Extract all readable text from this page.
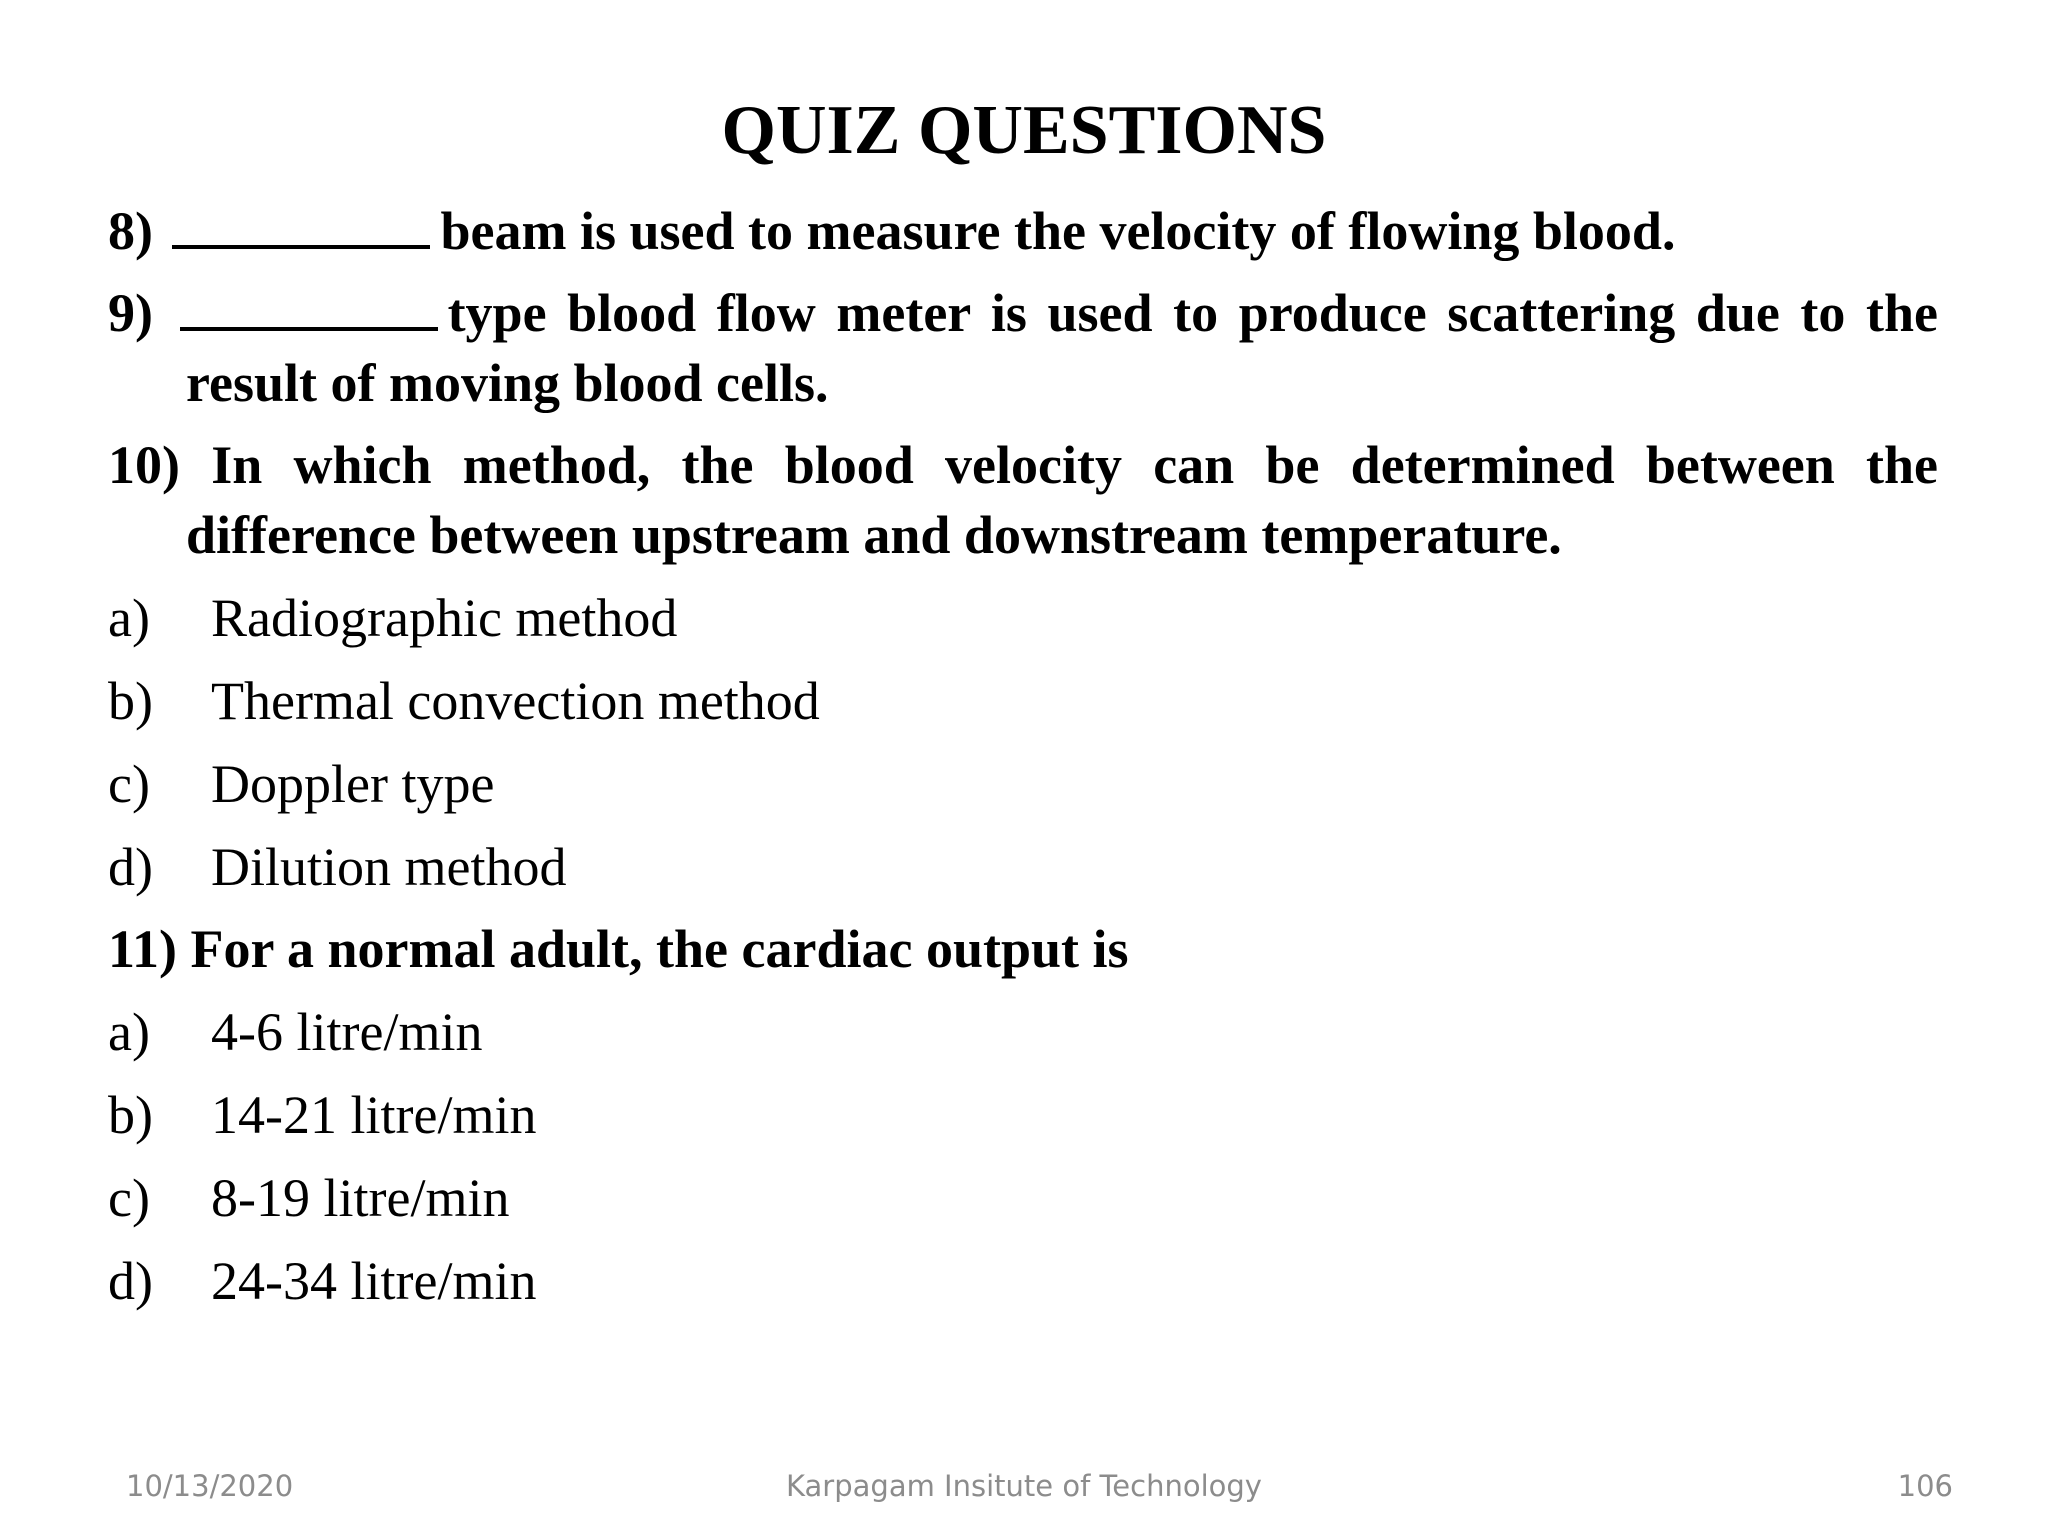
QUIZ QUESTIONS

8)	beam is used to measure the velocity of flowing blood.

9)	type blood flow meter is used to produce scattering due to the result of moving blood cells.

10) In which method, the blood velocity can be determined between the difference between upstream and downstream temperature.

a)	Radiographic method
b)	Thermal convection method
c)	Doppler type
d)	Dilution method

11) For a normal adult, the cardiac output is

a)	4-6 litre/min
b)	14-21 litre/min
c)	8-19 litre/min
d)	24-34 litre/min
Karpagam Insitute of Technology
10/13/2020	106
